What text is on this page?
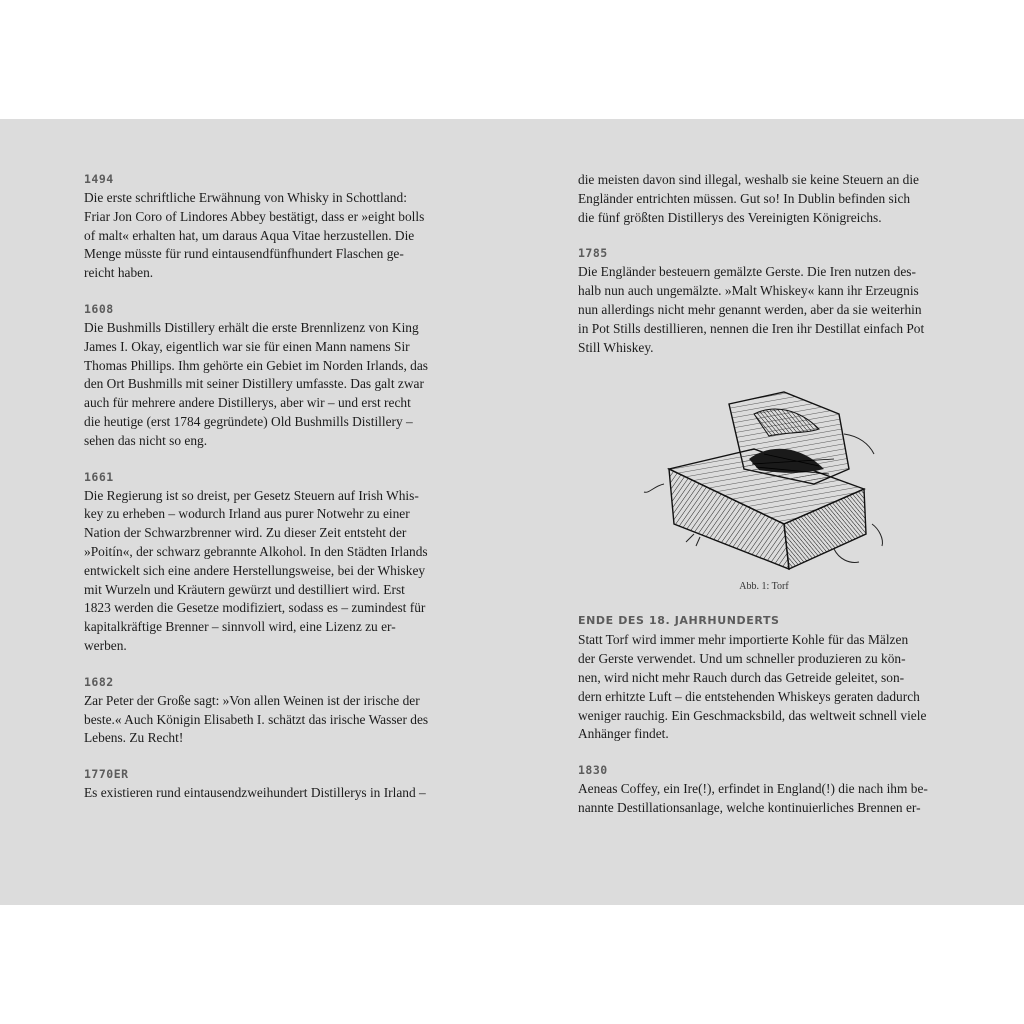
1494

Die erste schriftliche Erwähnung von Whisky in Schottland:
Friar Jon Coro of Lindores Abbey bestätigt, dass er »eight bolls
of malt« erhalten hat, um daraus Aqua Vitae herzustellen. Die
Menge müsste für rund eintausendfünfhundert Flaschen ge-
reicht haben.

1608

Die Bushmills Distillery erhält die erste Brennlizenz von King
James I. Okay, eigentlich war sie für einen Mann namens Sir
Thomas Phillips. Ihm gehörte ein Gebiet im Norden Irlands, das
den Ort Bushmills mit seiner Distillery umfasste. Das galt zwar
auch für mehrere andere Distillerys, aber wir – und erst recht
die heutige (erst 1784 gegründete) Old Bushmills Distillery –
sehen das nicht so eng.

1661

Die Regierung ist so dreist, per Gesetz Steuern auf Irish Whis-
key zu erheben – wodurch Irland aus purer Notwehr zu einer
Nation der Schwarzbrenner wird. Zu dieser Zeit entsteht der
»Poitín«, der schwarz gebrannte Alkohol. In den Städten Irlands
entwickelt sich eine andere Herstellungsweise, bei der Whiskey
mit Wurzeln und Kräutern gewürzt und destilliert wird. Erst
1823 werden die Gesetze modifiziert, sodass es – zumindest für
kapitalkräftige Brenner – sinnvoll wird, eine Lizenz zu er-
werben.

1682

Zar Peter der Große sagt: »Von allen Weinen ist der irische der
beste.« Auch Königin Elisabeth I. schätzt das irische Wasser des
Lebens. Zu Recht!

1770ER

Es existieren rund eintausendzweihundert Distillerys in Irland –

die meisten davon sind illegal, weshalb sie keine Steuern an die
Engländer entrichten müssen. Gut so! In Dublin befinden sich
die fünf größten Distillerys des Vereinigten Königreichs.

1785

Die Engländer besteuern gemälzte Gerste. Die Iren nutzen des-
halb nun auch ungemälzte. »Malt Whiskey« kann ihr Erzeugnis
nun allerdings nicht mehr genannt werden, aber da sie weiterhin
in Pot Stills destillieren, nennen die Iren ihr Destillat einfach Pot
Still Whiskey.

Abb. 1: Torf

ENDE DES 18. JAHRHUNDERTS

Statt Torf wird immer mehr importierte Kohle für das Mälzen
der Gerste verwendet. Und um schneller produzieren zu kön-
nen, wird nicht mehr Rauch durch das Getreide geleitet, son-
dern erhitzte Luft – die entstehenden Whiskeys geraten dadurch
weniger rauchig. Ein Geschmacksbild, das weltweit schnell viele
Anhänger findet.

1830

Aeneas Coffey, ein Ire(!), erfindet in England(!) die nach ihm be-
nannte Destillationsanlage, welche kontinuierliches Brennen er-
